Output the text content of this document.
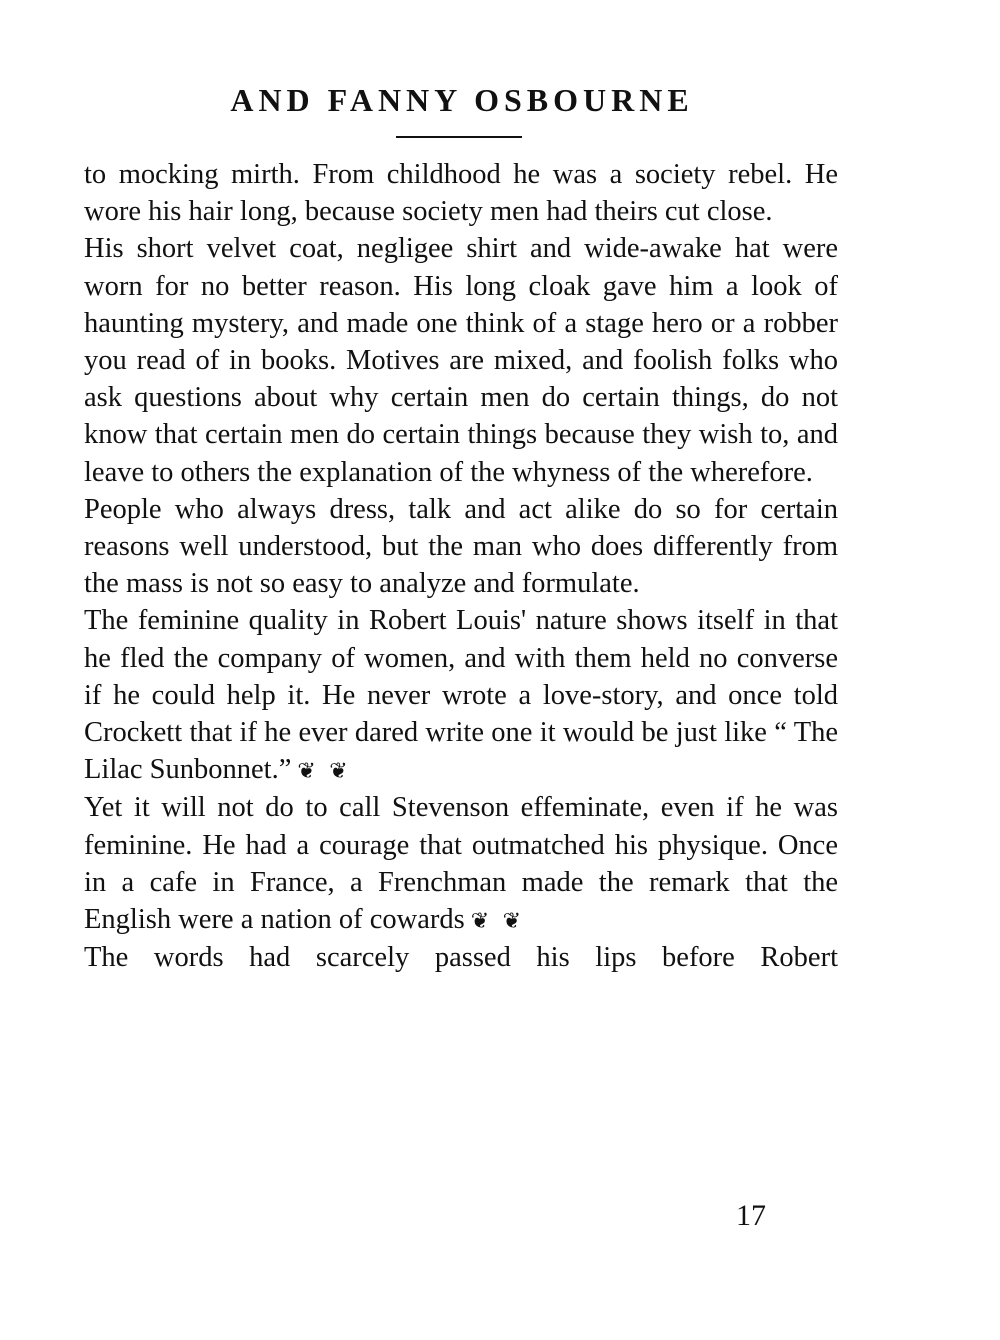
AND FANNY OSBOURNE

to mocking mirth. From childhood he was a society rebel. He wore his hair long, because society men had theirs cut close.

His short velvet coat, negligee shirt and wide-awake hat were worn for no better reason. His long cloak gave him a look of haunting mystery, and made one think of a stage hero or a robber you read of in books. Motives are mixed, and foolish folks who ask questions about why certain men do certain things, do not know that certain men do certain things because they wish to, and leave to others the explanation of the whyness of the wherefore.

People who always dress, talk and act alike do so for certain reasons well understood, but the man who does differently from the mass is not so easy to analyze and formulate.

The feminine quality in Robert Louis' nature shows itself in that he fled the company of women, and with them held no converse if he could help it. He never wrote a love-story, and once told Crockett that if he ever dared write one it would be just like “ The Lilac Sunbonnet.” ❦ ❦

Yet it will not do to call Stevenson effeminate, even if he was feminine. He had a courage that outmatched his physique. Once in a cafe in France, a Frenchman made the remark that the English were a nation of cowards ❦ ❦

The words had scarcely passed his lips before Robert

17
